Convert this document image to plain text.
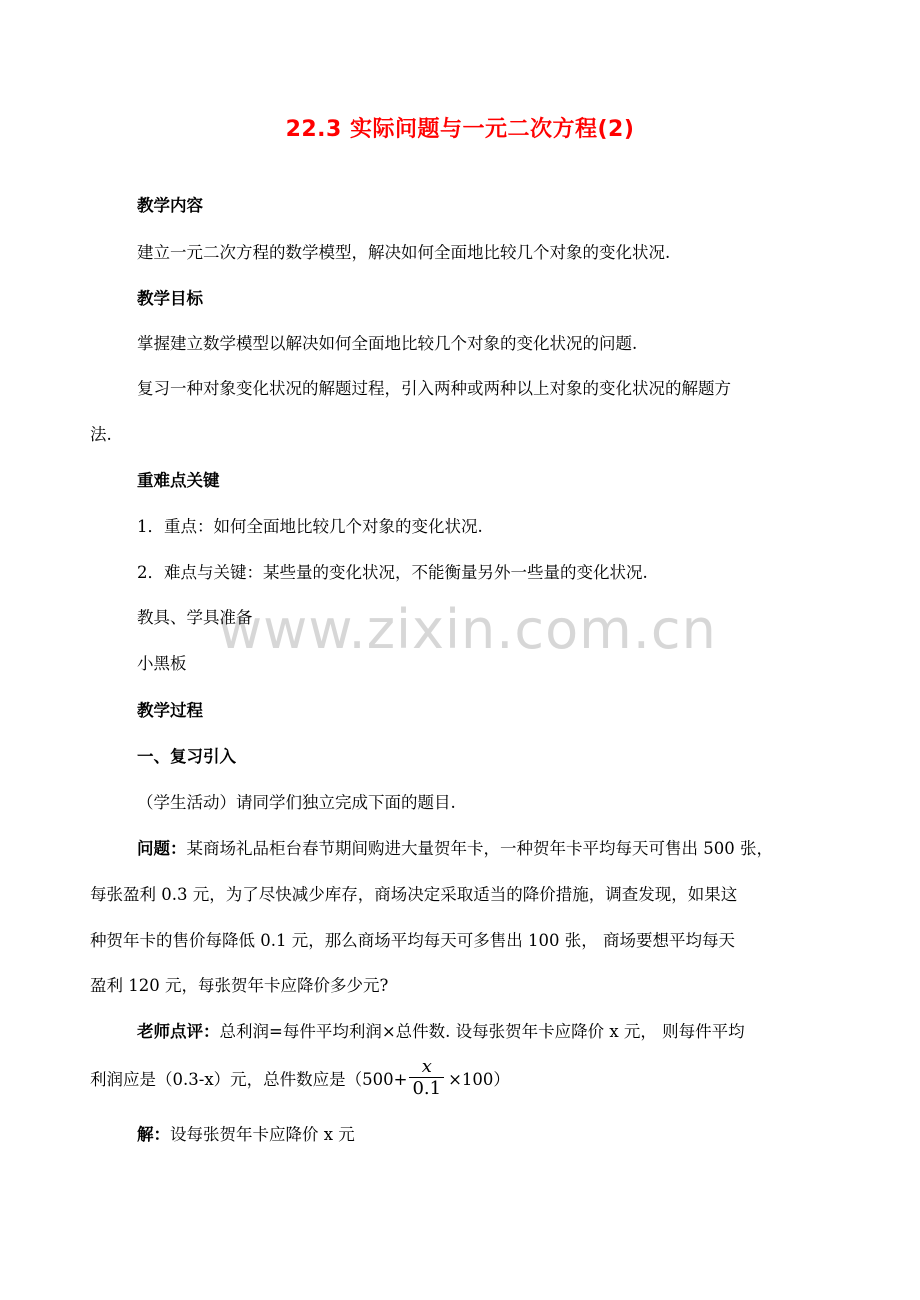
www.zixin.com.cn
22.3 实际问题与一元二次方程(2)
教学内容
建立一元二次方程的数学模型，解决如何全面地比较几个对象的变化状况.
教学目标
掌握建立数学模型以解决如何全面地比较几个对象的变化状况的问题.
复习一种对象变化状况的解题过程，引入两种或两种以上对象的变化状况的解题方
法.
重难点关键
1．重点：如何全面地比较几个对象的变化状况.
2．难点与关键：某些量的变化状况，不能衡量另外一些量的变化状况.
教具、学具准备
小黑板
教学过程
一、复习引入
（学生活动）请同学们独立完成下面的题目.
问题：某商场礼品柜台春节期间购进大量贺年卡，一种贺年卡平均每天可售出 500 张，
每张盈利 0.3 元，为了尽快减少库存，商场决定采取适当的降价措施，调查发现，如果这
种贺年卡的售价每降低 0.1 元，那么商场平均每天可多售出 100 张， 商场要想平均每天
盈利 120 元，每张贺年卡应降价多少元?
老师点评：总利润=每件平均利润×总件数. 设每张贺年卡应降价 x 元， 则每件平均
利润应是（0.3-x）元，总件数应是$(500+ \frac{x}{0.1} \times 100)$
解：设每张贺年卡应降价 x 元
